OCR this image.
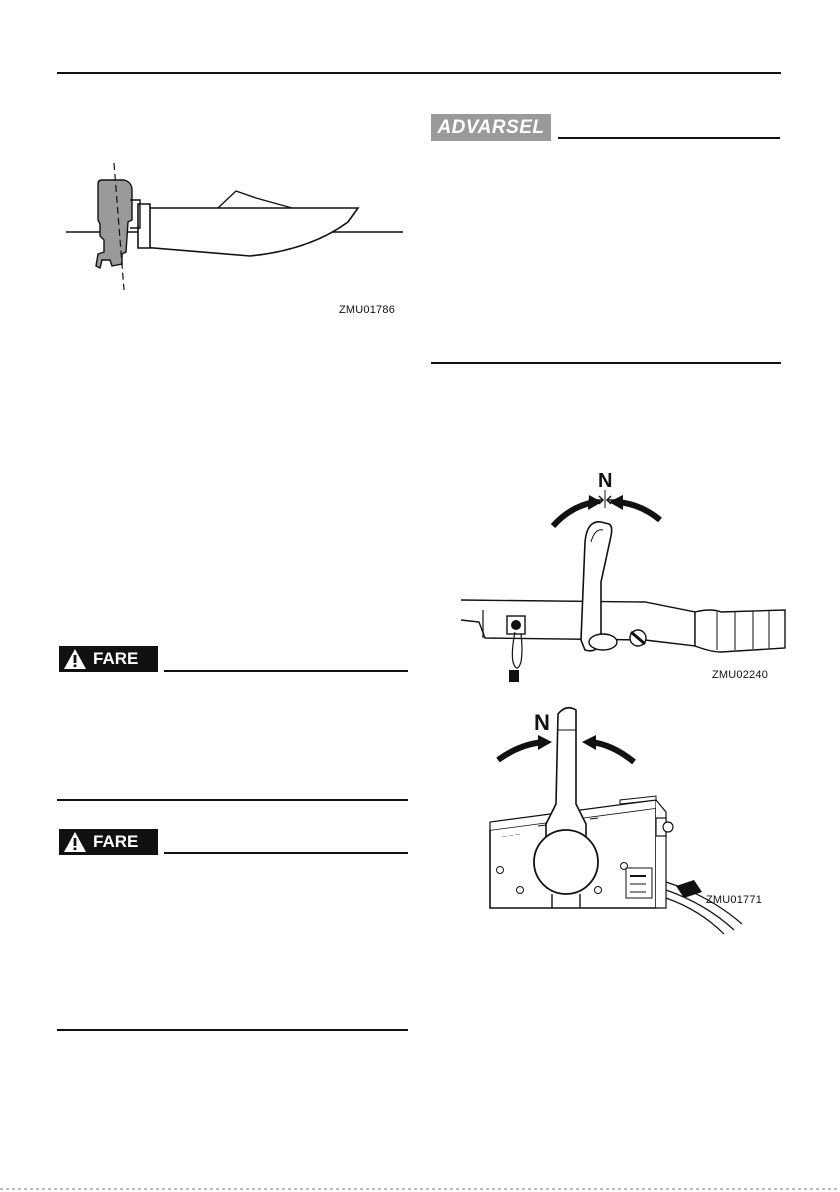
ZMU01786
ADVARSEL
FARE
FARE
N
ZMU02240
N
— — —
ZMU01771
